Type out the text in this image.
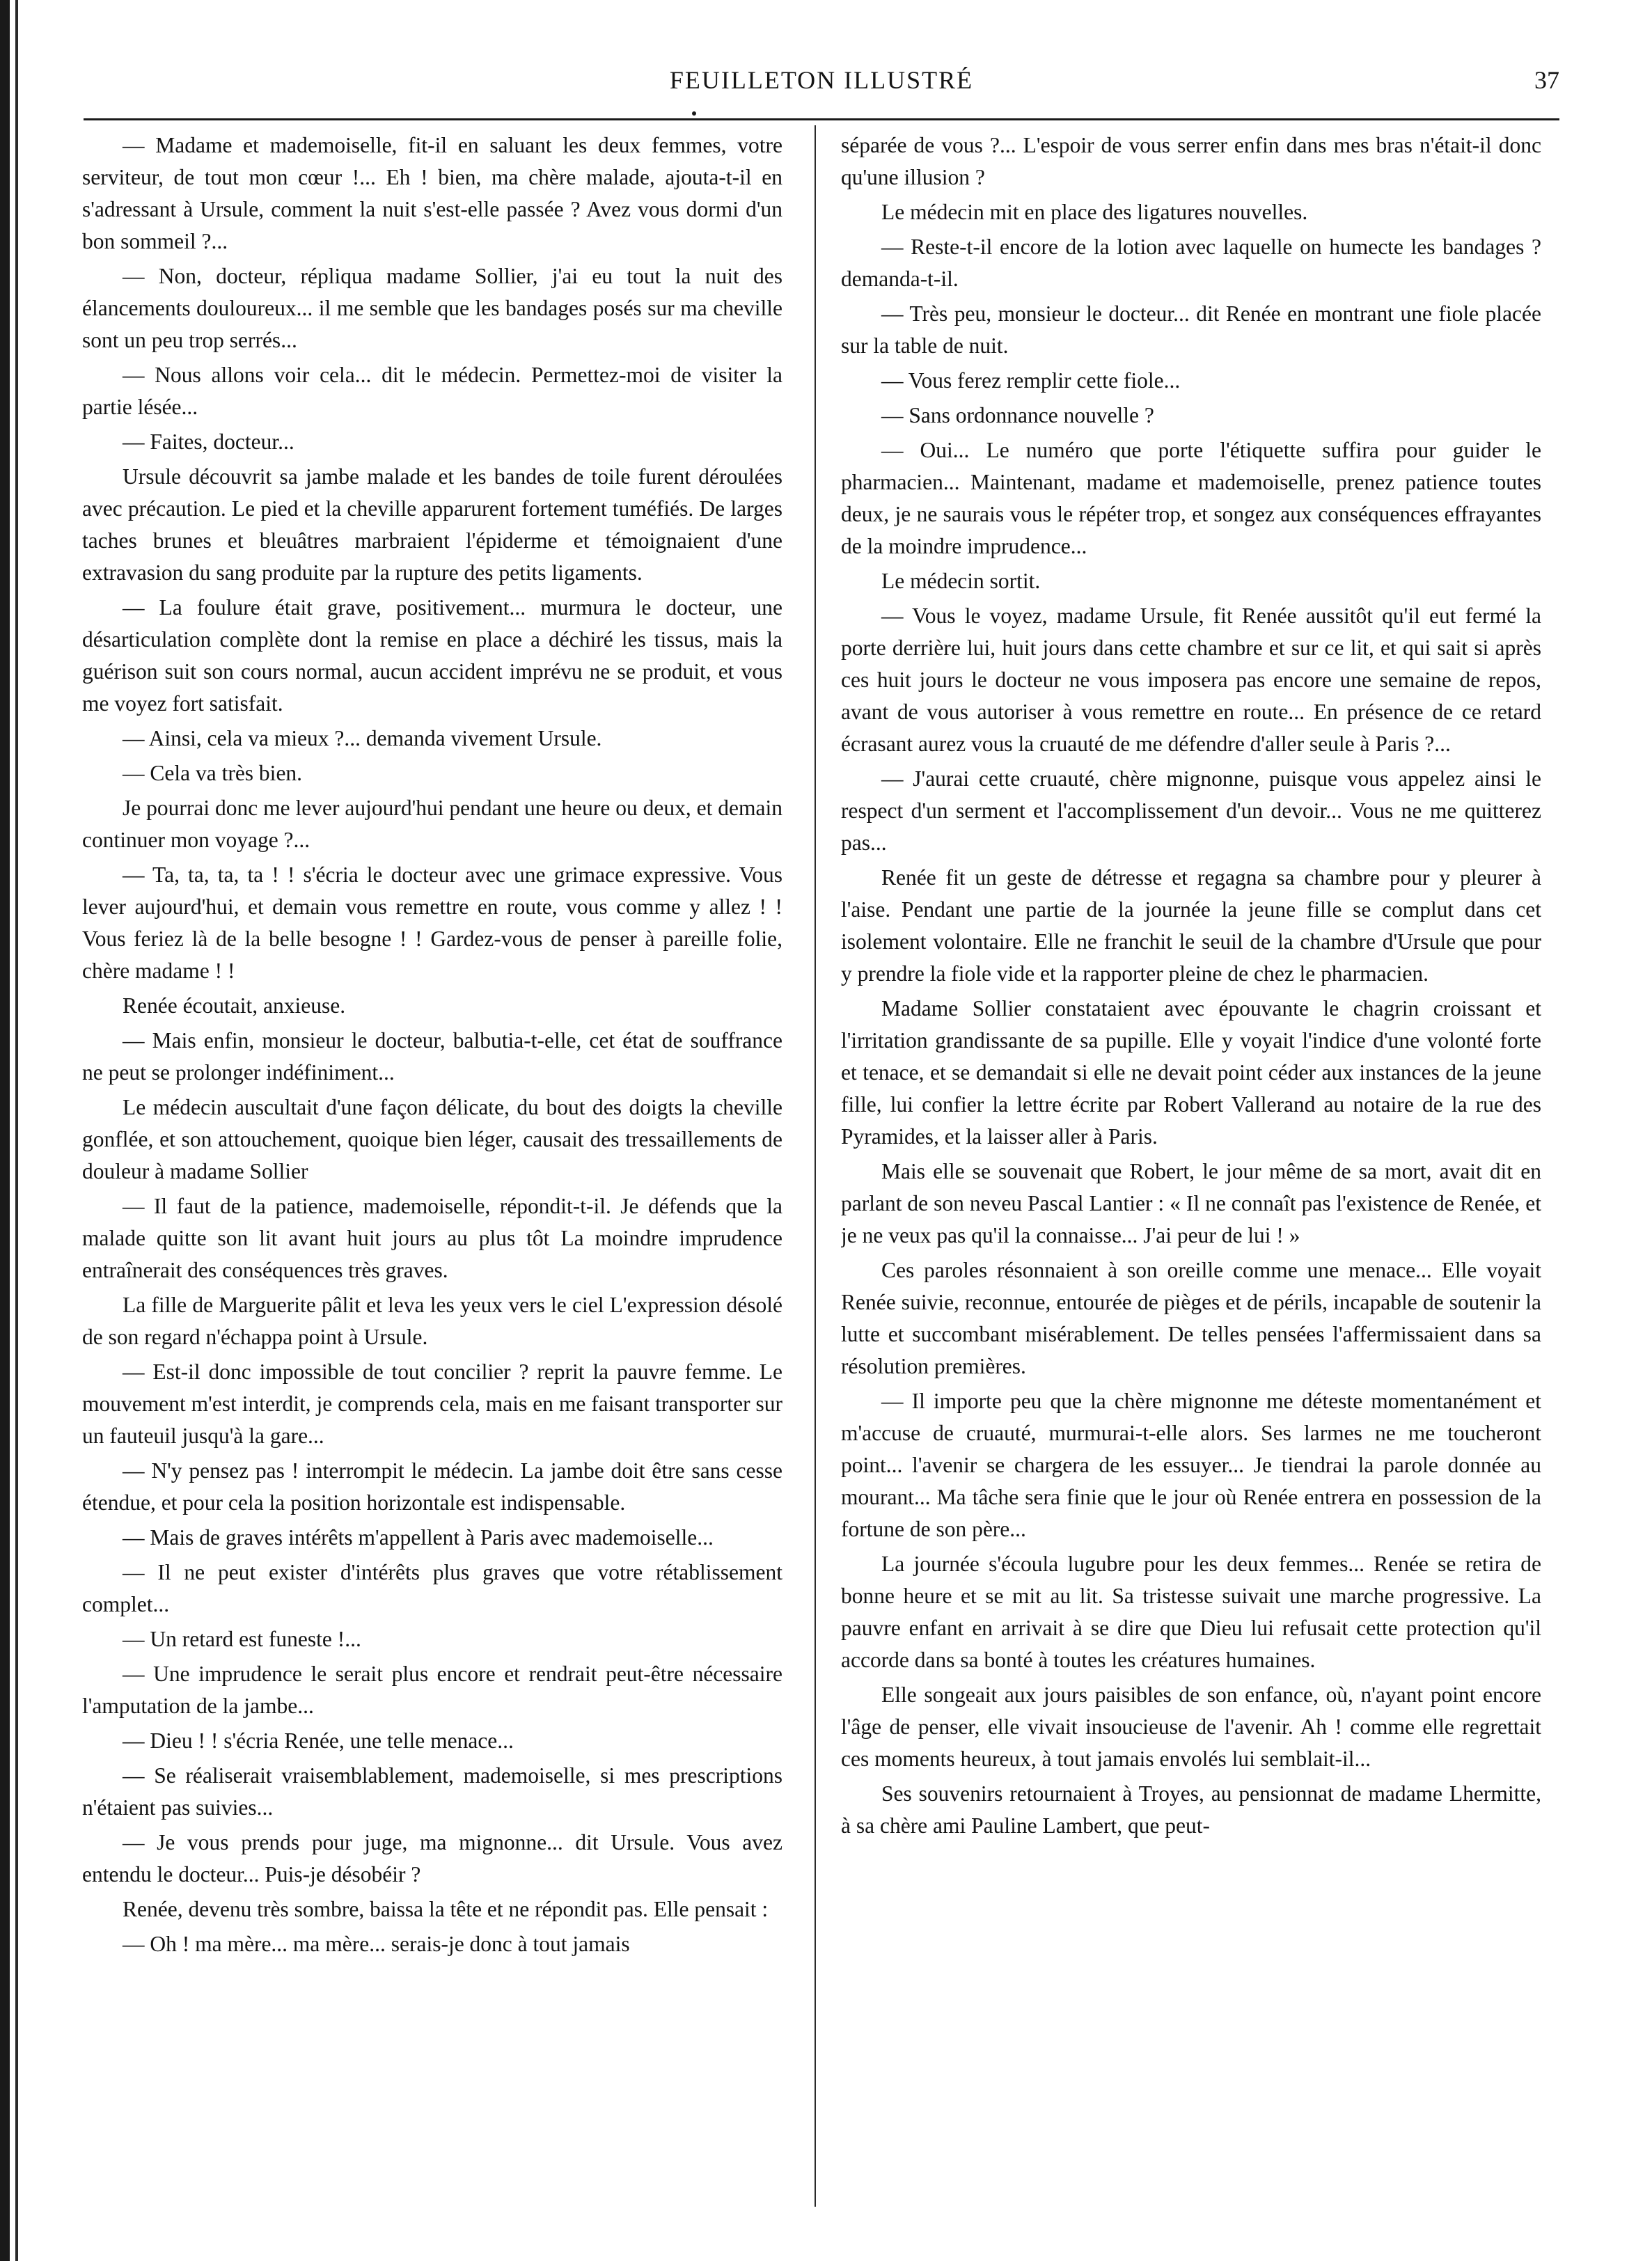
FEUILLETON ILLUSTRÉ	37

— Madame et mademoiselle, fit-il en saluant les deux femmes, votre serviteur, de tout mon cœur !... Eh ! bien, ma chère malade, ajouta-t-il en s'adressant à Ursule, comment la nuit s'est-elle passée ? Avez vous dormi d'un bon sommeil ?...

— Non, docteur, répliqua madame Sollier, j'ai eu tout la nuit des élancements douloureux... il me semble que les bandages posés sur ma cheville sont un peu trop serrés...

— Nous allons voir cela... dit le médecin. Permettez-moi de visiter la partie lésée...

— Faites, docteur...

Ursule découvrit sa jambe malade et les bandes de toile furent déroulées avec précaution. Le pied et la cheville apparurent fortement tuméfiés. De larges taches brunes et bleuâtres marbraient l'épiderme et témoignaient d'une extravasion du sang produite par la rupture des petits ligaments.

— La foulure était grave, positivement... murmura le docteur, une désarticulation complète dont la remise en place a déchiré les tissus, mais la guérison suit son cours normal, aucun accident imprévu ne se produit, et vous me voyez fort satisfait.

— Ainsi, cela va mieux ?... demanda vivement Ursule.

— Cela va très bien.

Je pourrai donc me lever aujourd'hui pendant une heure ou deux, et demain continuer mon voyage ?...

— Ta, ta, ta, ta ! ! s'écria le docteur avec une grimace expressive. Vous lever aujourd'hui, et demain vous remettre en route, vous comme y allez ! ! Vous feriez là de la belle besogne ! ! Gardez-vous de penser à pareille folie, chère madame ! !

Renée écoutait, anxieuse.

— Mais enfin, monsieur le docteur, balbutia-t-elle, cet état de souffrance ne peut se prolonger indéfiniment...

Le médecin auscultait d'une façon délicate, du bout des doigts la cheville gonflée, et son attouchement, quoique bien léger, causait des tressaillements de douleur à madame Sollier

— Il faut de la patience, mademoiselle, répondit-t-il. Je défends que la malade quitte son lit avant huit jours au plus tôt La moindre imprudence entraînerait des conséquences très graves.

La fille de Marguerite pâlit et leva les yeux vers le ciel L'expression désolé de son regard n'échappa point à Ursule.

— Est-il donc impossible de tout concilier ? reprit la pauvre femme. Le mouvement m'est interdit, je comprends cela, mais en me faisant transporter sur un fauteuil jusqu'à la gare...

— N'y pensez pas ! interrompit le médecin. La jambe doit être sans cesse étendue, et pour cela la position horizontale est indispensable.

— Mais de graves intérêts m'appellent à Paris avec mademoiselle...

— Il ne peut exister d'intérêts plus graves que votre rétablissement complet...

— Un retard est funeste !...

— Une imprudence le serait plus encore et rendrait peut-être nécessaire l'amputation de la jambe...

— Dieu ! ! s'écria Renée, une telle menace...

— Se réaliserait vraisemblablement, mademoiselle, si mes prescriptions n'étaient pas suivies...

— Je vous prends pour juge, ma mignonne... dit Ursule. Vous avez entendu le docteur... Puis-je désobéir ?

Renée, devenu très sombre, baissa la tête et ne répondit pas. Elle pensait :

— Oh ! ma mère... ma mère... serais-je donc à tout jamais

séparée de vous ?... L'espoir de vous serrer enfin dans mes bras n'était-il donc qu'une illusion ?

Le médecin mit en place des ligatures nouvelles.

— Reste-t-il encore de la lotion avec laquelle on humecte les bandages ? demanda-t-il.

— Très peu, monsieur le docteur... dit Renée en montrant une fiole placée sur la table de nuit.

— Vous ferez remplir cette fiole...

— Sans ordonnance nouvelle ?

— Oui... Le numéro que porte l'étiquette suffira pour guider le pharmacien... Maintenant, madame et mademoiselle, prenez patience toutes deux, je ne saurais vous le répéter trop, et songez aux conséquences effrayantes de la moindre imprudence...

Le médecin sortit.

— Vous le voyez, madame Ursule, fit Renée aussitôt qu'il eut fermé la porte derrière lui, huit jours dans cette chambre et sur ce lit, et qui sait si après ces huit jours le docteur ne vous imposera pas encore une semaine de repos, avant de vous autoriser à vous remettre en route... En présence de ce retard écrasant aurez vous la cruauté de me défendre d'aller seule à Paris ?...

— J'aurai cette cruauté, chère mignonne, puisque vous appelez ainsi le respect d'un serment et l'accomplissement d'un devoir... Vous ne me quitterez pas...

Renée fit un geste de détresse et regagna sa chambre pour y pleurer à l'aise. Pendant une partie de la journée la jeune fille se complut dans cet isolement volontaire. Elle ne franchit le seuil de la chambre d'Ursule que pour y prendre la fiole vide et la rapporter pleine de chez le pharmacien.

Madame Sollier constataient avec épouvante le chagrin croissant et l'irritation grandissante de sa pupille. Elle y voyait l'indice d'une volonté forte et tenace, et se demandait si elle ne devait point céder aux instances de la jeune fille, lui confier la lettre écrite par Robert Vallerand au notaire de la rue des Pyramides, et la laisser aller à Paris.

Mais elle se souvenait que Robert, le jour même de sa mort, avait dit en parlant de son neveu Pascal Lantier : « Il ne connaît pas l'existence de Renée, et je ne veux pas qu'il la connaisse... J'ai peur de lui ! »

Ces paroles résonnaient à son oreille comme une menace... Elle voyait Renée suivie, reconnue, entourée de pièges et de périls, incapable de soutenir la lutte et succombant misérablement. De telles pensées l'affermissaient dans sa résolution premières.

— Il importe peu que la chère mignonne me déteste momentanément et m'accuse de cruauté, murmurai-t-elle alors. Ses larmes ne me toucheront point... l'avenir se chargera de les essuyer... Je tiendrai la parole donnée au mourant... Ma tâche sera finie que le jour où Renée entrera en possession de la fortune de son père...

La journée s'écoula lugubre pour les deux femmes... Renée se retira de bonne heure et se mit au lit. Sa tristesse suivait une marche progressive. La pauvre enfant en arrivait à se dire que Dieu lui refusait cette protection qu'il accorde dans sa bonté à toutes les créatures humaines.

Elle songeait aux jours paisibles de son enfance, où, n'ayant point encore l'âge de penser, elle vivait insoucieuse de l'avenir. Ah ! comme elle regrettait ces moments heureux, à tout jamais envolés lui semblait-il...

Ses souvenirs retournaient à Troyes, au pensionnat de madame Lhermitte, à sa chère ami Pauline Lambert, que peut-
